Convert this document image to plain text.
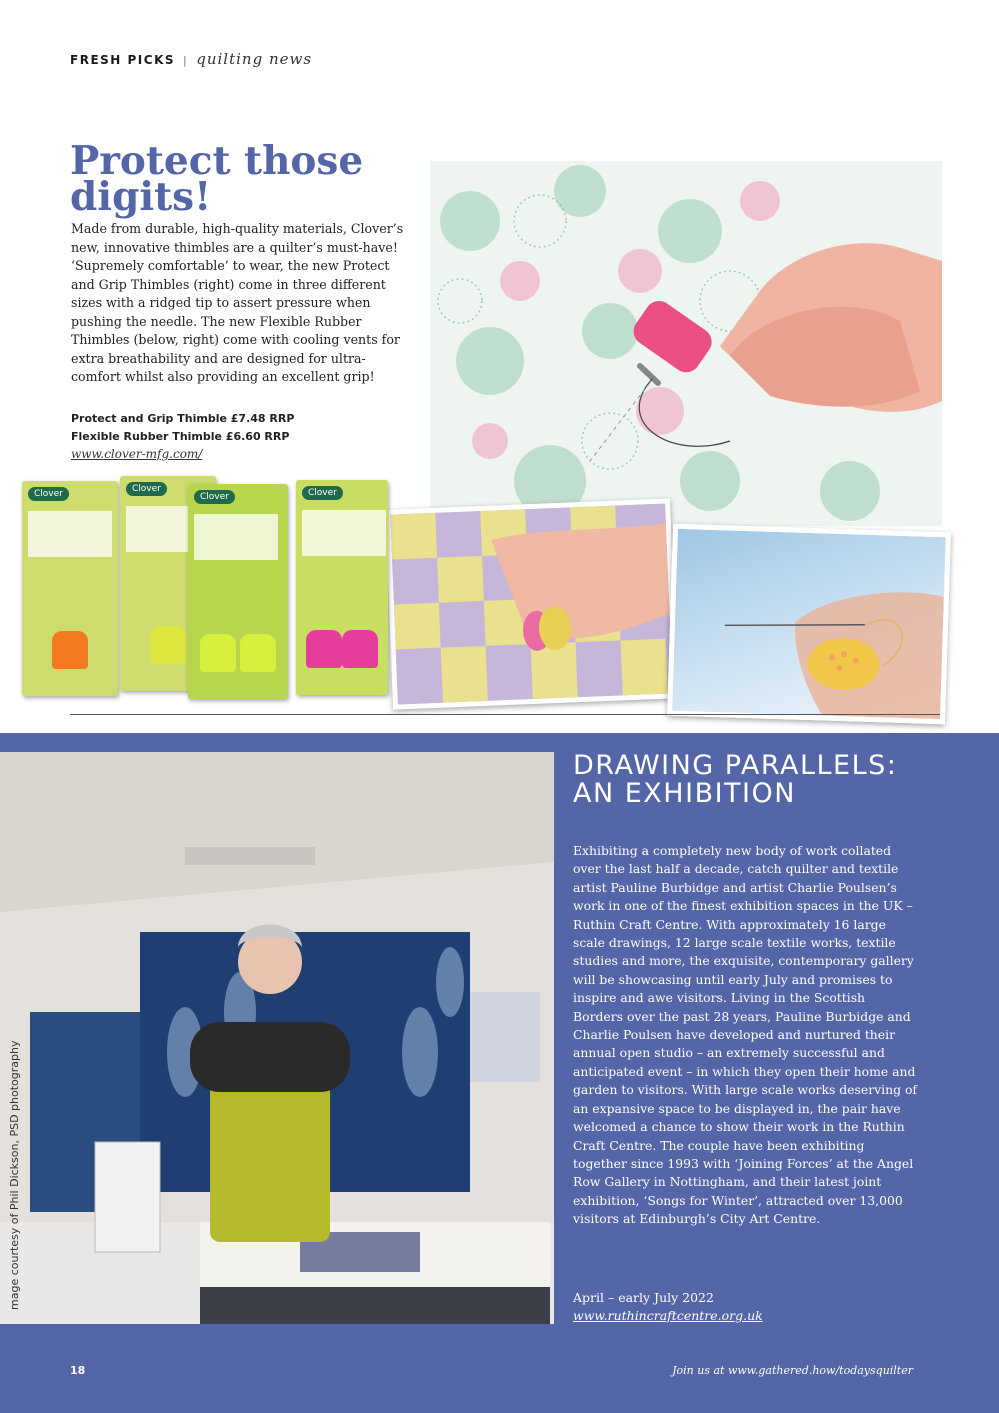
FRESH PICKS | quilting news
Protect those digits!

Made from durable, high-quality materials, Clover’s new, innovative thimbles are a quilter’s must-have! ‘Supremely comfortable’ to wear, the new Protect and Grip Thimbles (right) come in three different sizes with a ridged tip to assert pressure when pushing the needle. The new Flexible Rubber Thimbles (below, right) come with cooling vents for extra breathability and are designed for ultra-comfort whilst also providing an excellent grip!

Protect and Grip Thimble £7.48 RRP
Flexible Rubber Thimble £6.60 RRP
www.clover-mfg.com/
Clover	Clover
Clover	Clover
mage courtesy of Phil Dickson, PSD photography
DRAWING PARALLELS: AN EXHIBITION

Exhibiting a completely new body of work collated over the last half a decade, catch quilter and textile artist Pauline Burbidge and artist Charlie Poulsen’s work in one of the finest exhibition spaces in the UK – Ruthin Craft Centre. With approximately 16 large scale drawings, 12 large scale textile works, textile studies and more, the exquisite, contemporary gallery will be showcasing until early July and promises to inspire and awe visitors. Living in the Scottish Borders over the past 28 years, Pauline Burbidge and Charlie Poulsen have developed and nurtured their annual open studio – an extremely successful and anticipated event – in which they open their home and garden to visitors. With large scale works deserving of an expansive space to be displayed in, the pair have welcomed a chance to show their work in the Ruthin Craft Centre. The couple have been exhibiting together since 1993 with ‘Joining Forces’ at the Angel Row Gallery in Nottingham, and their latest joint exhibition, ‘Songs for Winter’, attracted over 13,000 visitors at Edinburgh’s City Art Centre.

April – early July 2022
www.ruthincraftcentre.org.uk
18	Join us at www.gathered.how/todaysquilter
